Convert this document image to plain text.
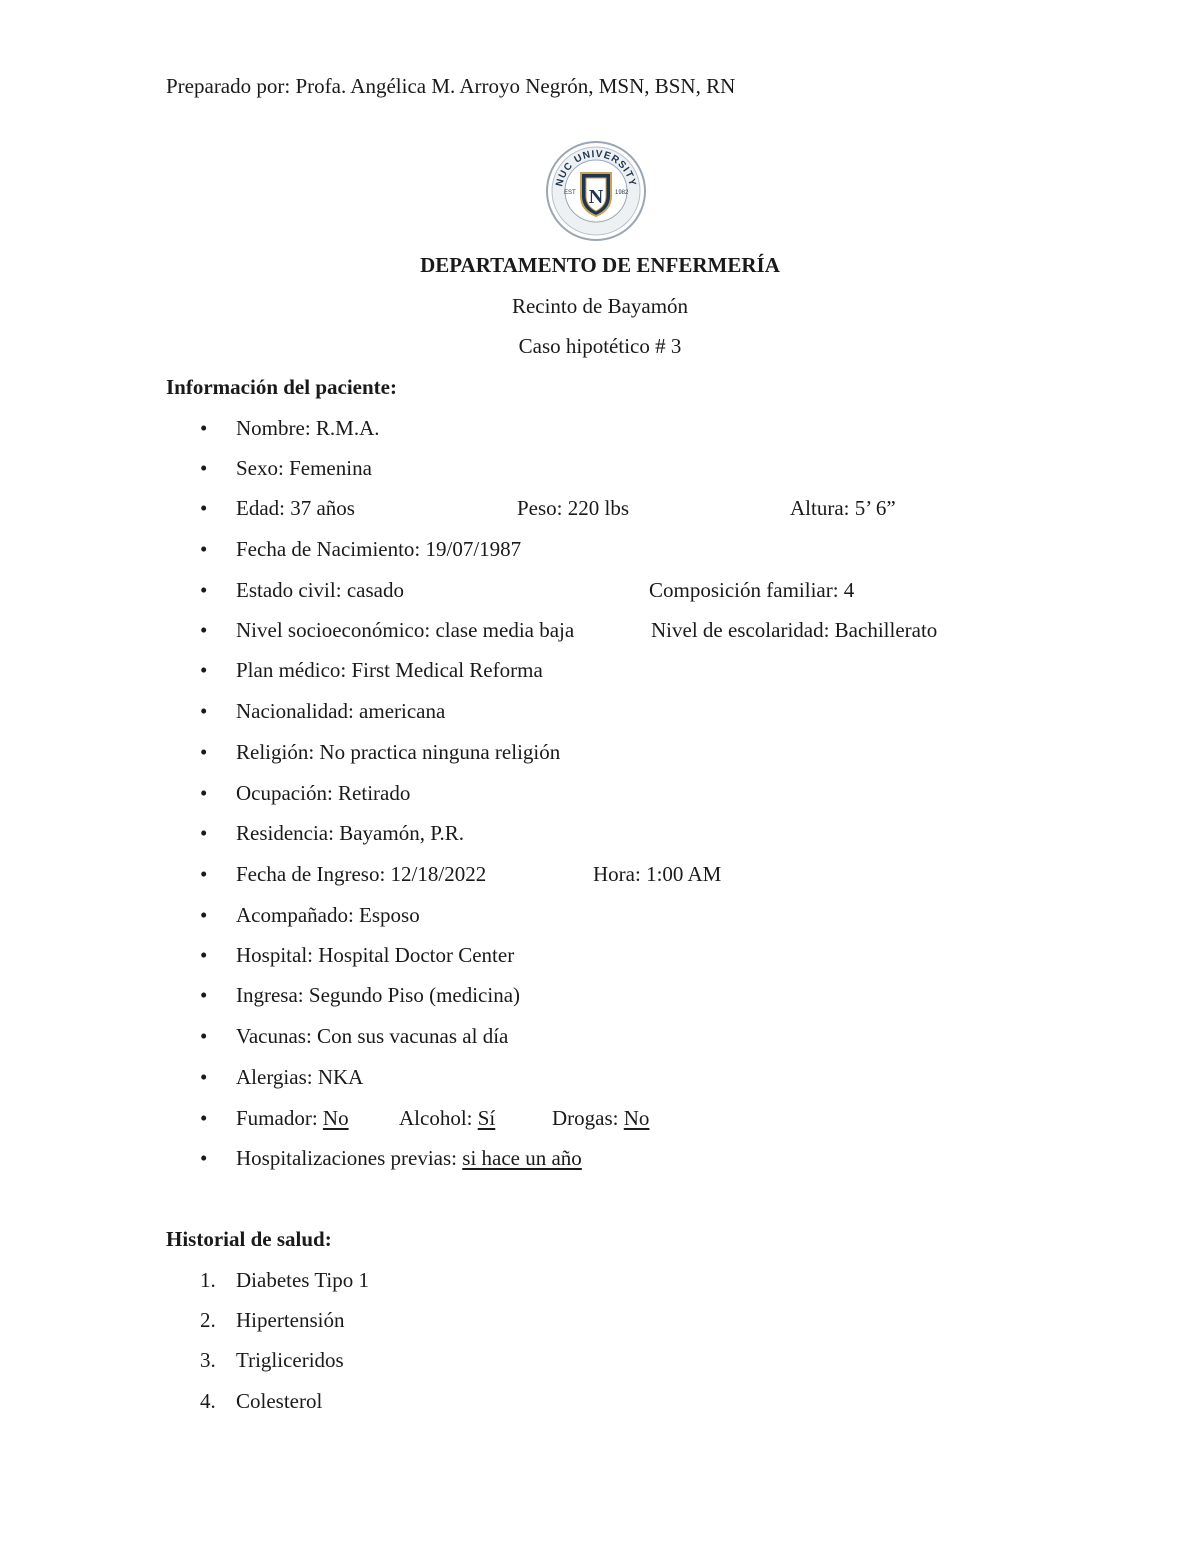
Preparado por: Profa. Angélica M. Arroyo Negrón, MSN, BSN, RN
NUC UNIVERSITY
· · · · · · · · · · · · · · · · · ·
EST	1982
N
DEPARTAMENTO DE ENFERMERÍA
Recinto de Bayamón
Caso hipotético # 3
Información del paciente:
• Nombre: R.M.A.
• Sexo: Femenina
• Edad: 37 años	Peso: 220 lbs	Altura: 5’ 6”
• Fecha de Nacimiento: 19/07/1987
• Estado civil: casado	Composición familiar: 4
• Nivel socioeconómico: clase media baja	Nivel de escolaridad: Bachillerato
• Plan médico: First Medical Reforma
• Nacionalidad: americana
• Religión: No practica ninguna religión
• Ocupación: Retirado
• Residencia: Bayamón, P.R.
• Fecha de Ingreso: 12/18/2022	Hora: 1:00 AM
• Acompañado: Esposo
• Hospital: Hospital Doctor Center
• Ingresa: Segundo Piso (medicina)
• Vacunas: Con sus vacunas al día
• Alergias: NKA
• Fumador: No Alcohol: Sí	Drogas: No
• Hospitalizaciones previas: si hace un año
Historial de salud:
1. Diabetes Tipo 1
2. Hipertensión
3. Trigliceridos
4. Colesterol
